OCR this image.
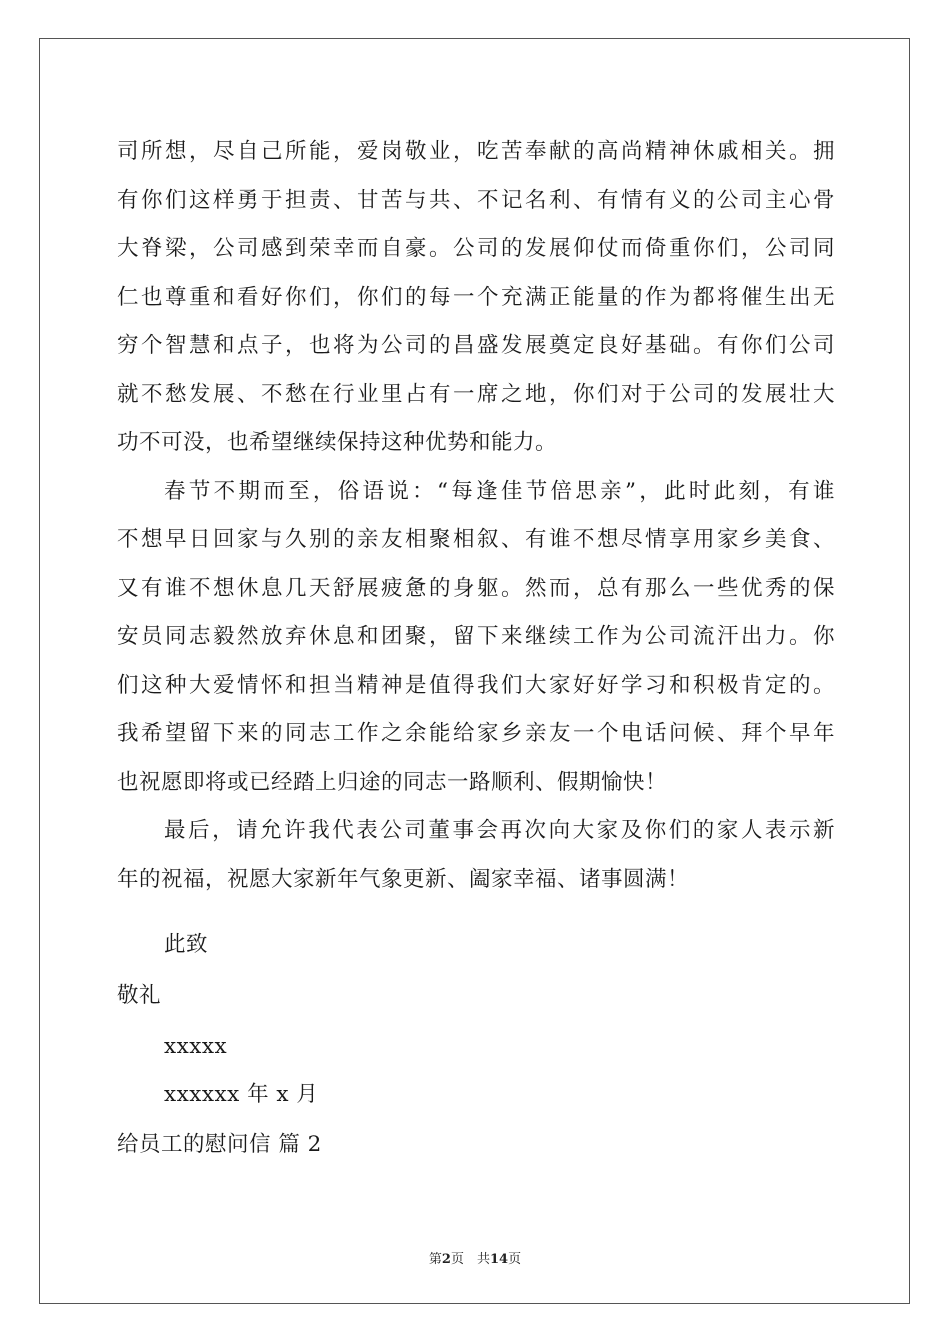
司所想，尽自己所能，爱岗敬业，吃苦奉献的高尚精神休戚相关。拥
有你们这样勇于担责、甘苦与共、不记名利、有情有义的公司主心骨
大脊梁，公司感到荣幸而自豪。公司的发展仰仗而倚重你们，公司同
仁也尊重和看好你们，你们的每一个充满正能量的作为都将催生出无
穷个智慧和点子，也将为公司的昌盛发展奠定良好基础。有你们公司
就不愁发展、不愁在行业里占有一席之地，你们对于公司的发展壮大
功不可没，也希望继续保持这种优势和能力。
春节不期而至，俗语说：“每逢佳节倍思亲”，此时此刻，有谁
不想早日回家与久别的亲友相聚相叙、有谁不想尽情享用家乡美食、
又有谁不想休息几天舒展疲惫的身躯。然而，总有那么一些优秀的保
安员同志毅然放弃休息和团聚，留下来继续工作为公司流汗出力。你
们这种大爱情怀和担当精神是值得我们大家好好学习和积极肯定的。
我希望留下来的同志工作之余能给家乡亲友一个电话问候、拜个早年
也祝愿即将或已经踏上归途的同志一路顺利、假期愉快！
最后，请允许我代表公司董事会再次向大家及你们的家人表示新
年的祝福，祝愿大家新年气象更新、阖家幸福、诸事圆满！
此致
敬礼
xxxxx
xxxxxx 年 x 月
给员工的慰问信 篇 2
第2页　共14页
